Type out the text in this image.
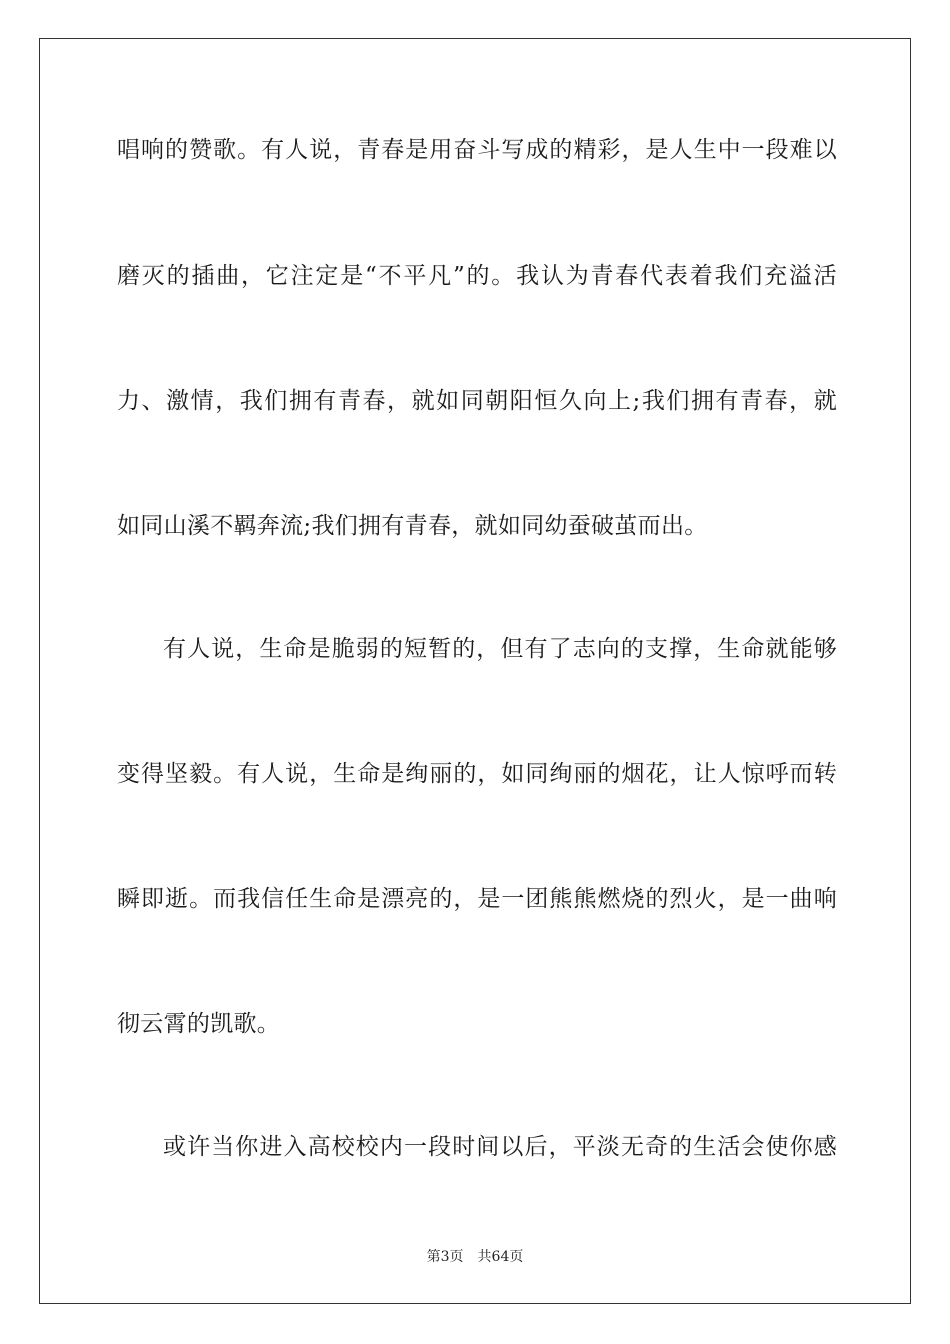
唱响的赞歌。有人说，青春是用奋斗写成的精彩，是人生中一段难以
磨灭的插曲，它注定是“不平凡”的。我认为青春代表着我们充溢活
力、激情，我们拥有青春，就如同朝阳恒久向上;我们拥有青春，就
如同山溪不羁奔流;我们拥有青春，就如同幼蚕破茧而出。
有人说，生命是脆弱的短暂的，但有了志向的支撑，生命就能够
变得坚毅。有人说，生命是绚丽的，如同绚丽的烟花，让人惊呼而转
瞬即逝。而我信任生命是漂亮的，是一团熊熊燃烧的烈火，是一曲响
彻云霄的凯歌。
或许当你进入高校校内一段时间以后，平淡无奇的生活会使你感
第3页 共64页
